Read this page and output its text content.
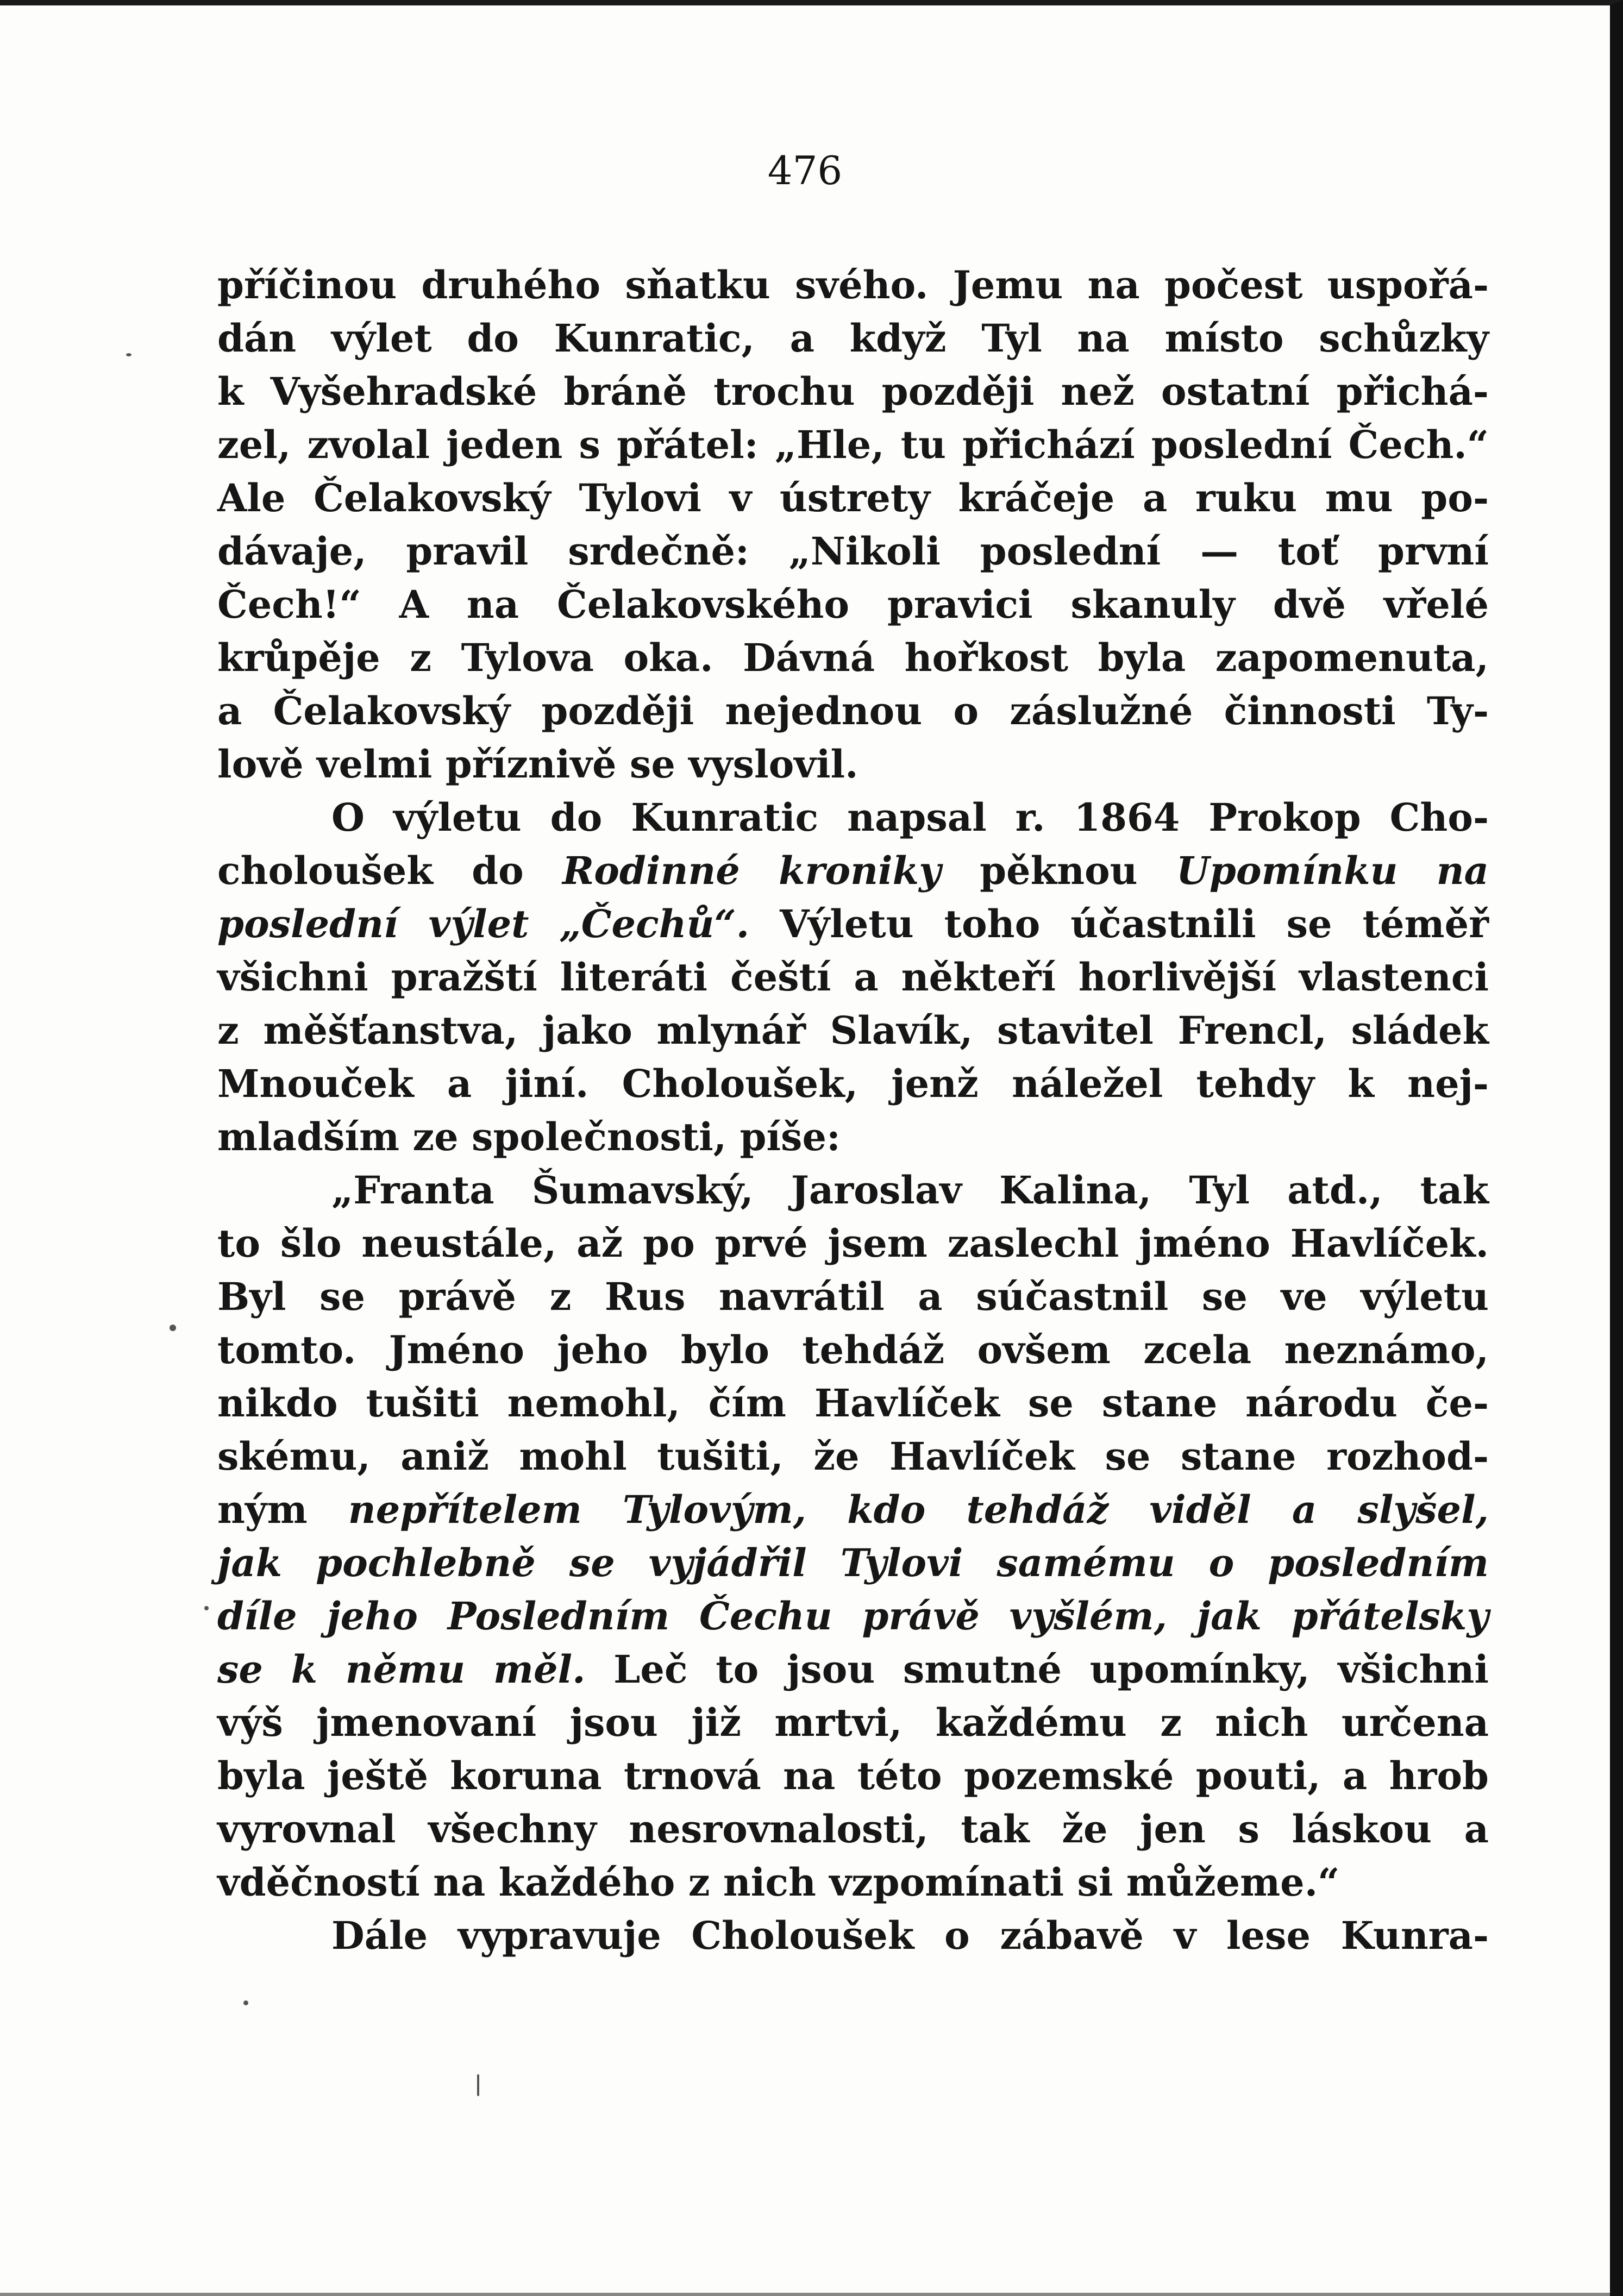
476
příčinou druhého sňatku svého. Jemu na počest uspořá-
dán výlet do Kunratic, a když Tyl na místo schůzky
k Vyšehradské bráně trochu později než ostatní přichá-
zel, zvolal jeden s přátel: „Hle, tu přichází poslední Čech.“
Ale Čelakovský Tylovi v ústrety kráčeje a ruku mu po-
dávaje, pravil srdečně: „Nikoli poslední — toť první
Čech!“ A na Čelakovského pravici skanuly dvě vřelé
krůpěje z Tylova oka. Dávná hořkost byla zapomenuta,
a Čelakovský později nejednou o záslužné činnosti Ty-
lově velmi příznivě se vyslovil.
O výletu do Kunratic napsal r. 1864 Prokop Cho-
choloušek do Rodinné kroniky pěknou Upomínku na
poslední výlet „Čechů“. Výletu toho účastnili se téměř
všichni pražští literáti čeští a někteří horlivější vlastenci
z měšťanstva, jako mlynář Slavík, stavitel Frencl, sládek
Mnouček a jiní. Choloušek, jenž náležel tehdy k nej-
mladším ze společnosti, píše:
„Franta Šumavský, Jaroslav Kalina, Tyl atd., tak
to šlo neustále, až po prvé jsem zaslechl jméno Havlíček.
Byl se právě z Rus navrátil a súčastnil se ve výletu
tomto. Jméno jeho bylo tehdáž ovšem zcela neznámo,
nikdo tušiti nemohl, čím Havlíček se stane národu če-
skému, aniž mohl tušiti, že Havlíček se stane rozhod-
ným nepřítelem Tylovým, kdo tehdáž viděl a slyšel,
jak pochlebně se vyjádřil Tylovi samému o posledním
díle jeho Posledním Čechu právě vyšlém, jak přátelsky
se k němu měl. Leč to jsou smutné upomínky, všichni
výš jmenovaní jsou již mrtvi, každému z nich určena
byla ještě koruna trnová na této pozemské pouti, a hrob
vyrovnal všechny nesrovnalosti, tak že jen s láskou a
vděčností na každého z nich vzpomínati si můžeme.“
Dále vypravuje Choloušek o zábavě v lese Kunra-
